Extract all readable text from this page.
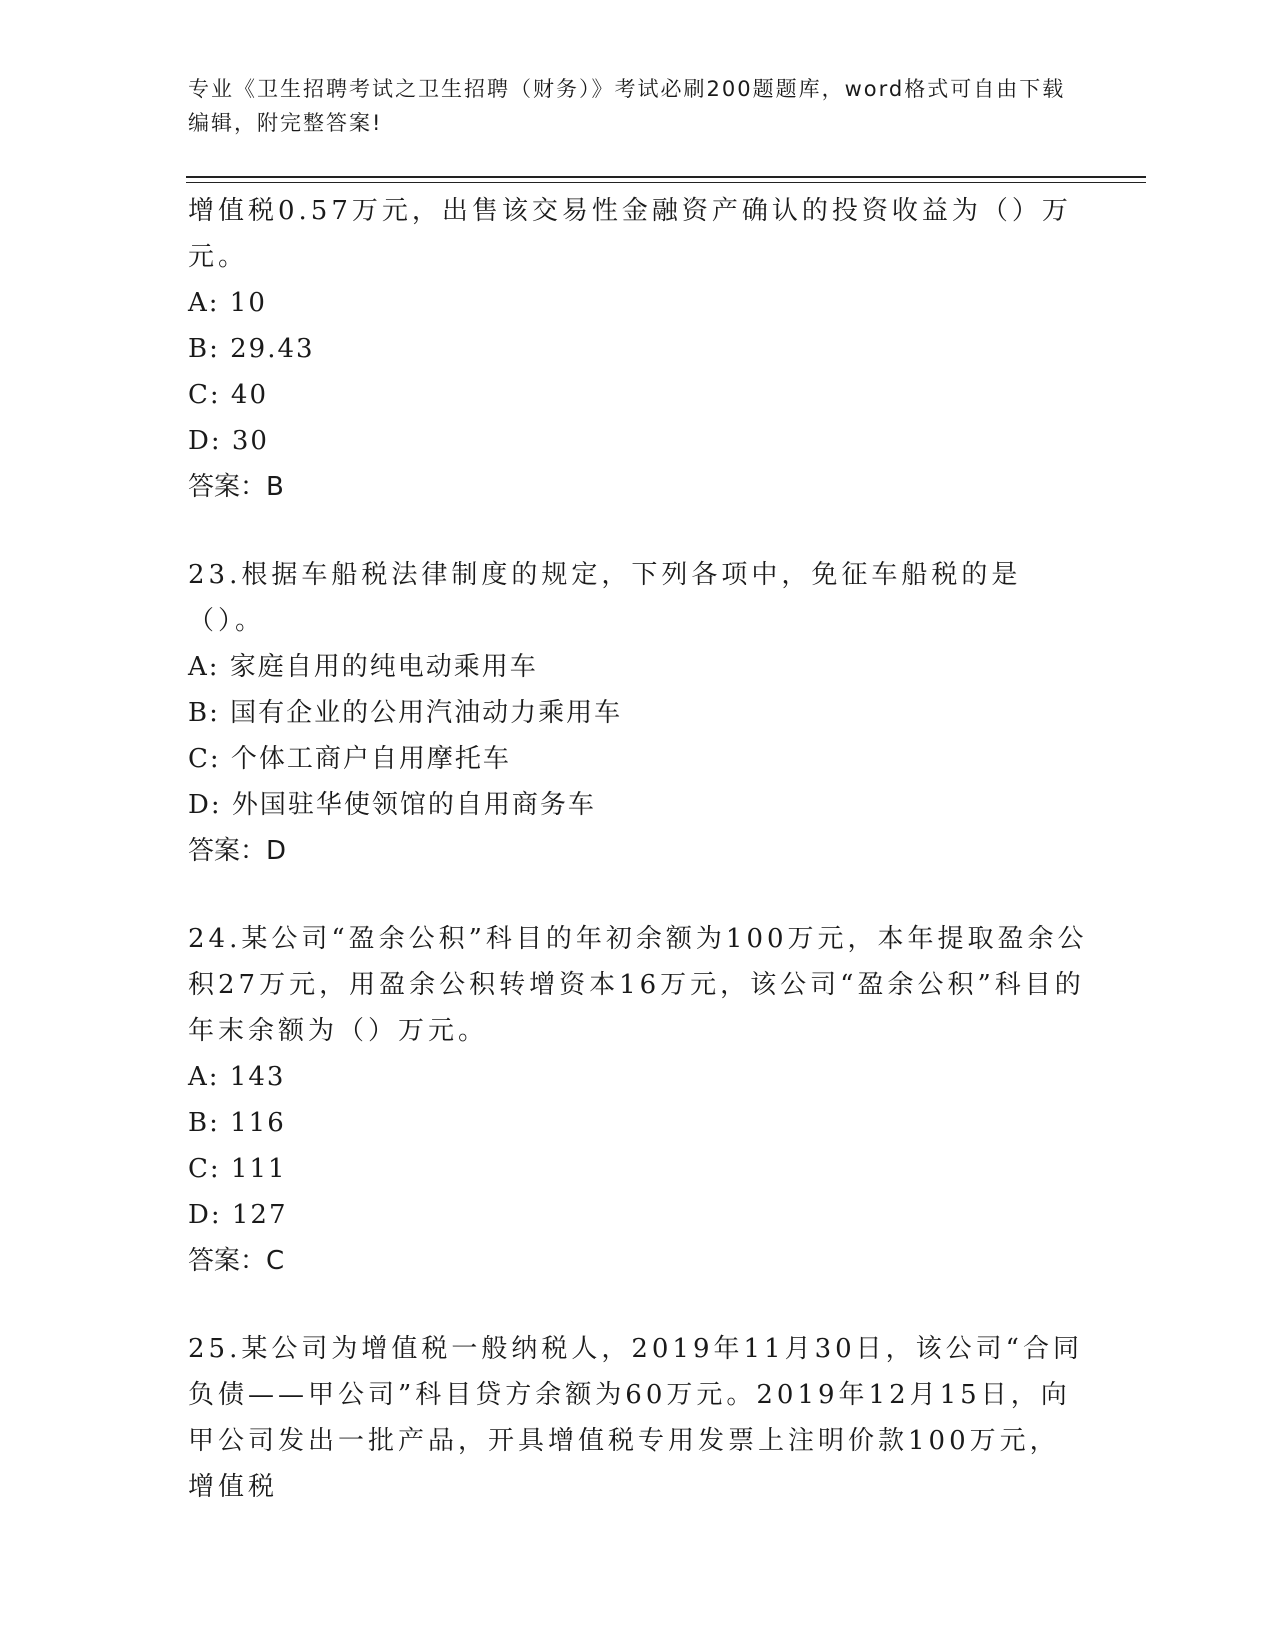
专业《卫生招聘考试之卫生招聘（财务）》考试必刷200题题库，word格式可自由下载编辑，附完整答案!

增值税0.57万元，出售该交易性金融资产确认的投资收益为（）万元。

A: 10

B: 29.43

C: 40

D: 30

答案：B

23.根据车船税法律制度的规定，下列各项中，免征车船税的是（）。

A: 家庭自用的纯电动乘用车

B: 国有企业的公用汽油动力乘用车

C: 个体工商户自用摩托车

D: 外国驻华使领馆的自用商务车

答案：D

24.某公司“盈余公积”科目的年初余额为100万元，本年提取盈余公积27万元，用盈余公积转增资本16万元，该公司“盈余公积”科目的年末余额为（）万元。

A: 143

B: 116

C: 111

D: 127

答案：C

25.某公司为增值税一般纳税人，2019年11月30日，该公司“合同负债——甲公司”科目贷方余额为60万元。2019年12月15日，向甲公司发出一批产品，开具增值税专用发票上注明价款100万元，增值税
